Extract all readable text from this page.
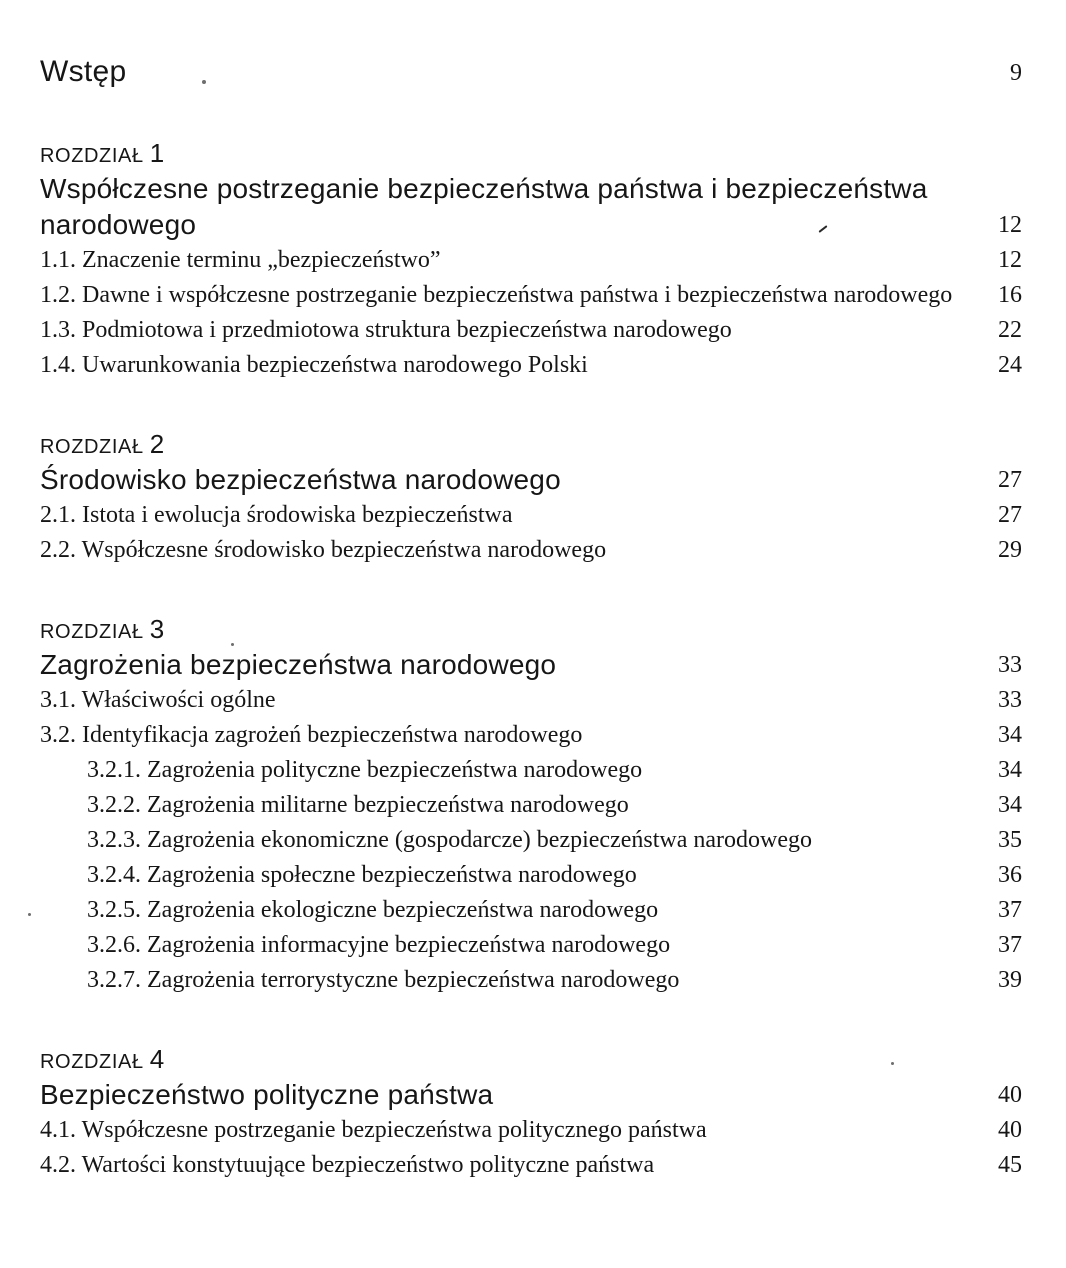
Wstęp	9
ROZDZIAŁ 1
Współczesne postrzeganie bezpieczeństwa państwa i bezpieczeństwa narodowego	12
1.1. Znaczenie terminu „bezpieczeństwo”	12
1.2. Dawne i współczesne postrzeganie bezpieczeństwa państwa i bezpieczeństwa narodowego	16
1.3. Podmiotowa i przedmiotowa struktura bezpieczeństwa narodowego	22
1.4. Uwarunkowania bezpieczeństwa narodowego Polski	24
ROZDZIAŁ 2
Środowisko bezpieczeństwa narodowego	27
2.1. Istota i ewolucja środowiska bezpieczeństwa	27
2.2. Współczesne środowisko bezpieczeństwa narodowego	29
ROZDZIAŁ 3
Zagrożenia bezpieczeństwa narodowego	33
3.1. Właściwości ogólne	33
3.2. Identyfikacja zagrożeń bezpieczeństwa narodowego	34
3.2.1. Zagrożenia polityczne bezpieczeństwa narodowego	34
3.2.2. Zagrożenia militarne bezpieczeństwa narodowego	34
3.2.3. Zagrożenia ekonomiczne (gospodarcze) bezpieczeństwa narodowego	35
3.2.4. Zagrożenia społeczne bezpieczeństwa narodowego	36
3.2.5. Zagrożenia ekologiczne bezpieczeństwa narodowego	37
3.2.6. Zagrożenia informacyjne bezpieczeństwa narodowego	37
3.2.7. Zagrożenia terrorystyczne bezpieczeństwa narodowego	39
ROZDZIAŁ 4
Bezpieczeństwo polityczne państwa	40
4.1. Współczesne postrzeganie bezpieczeństwa politycznego państwa	40
4.2. Wartości konstytuujące bezpieczeństwo polityczne państwa	45
